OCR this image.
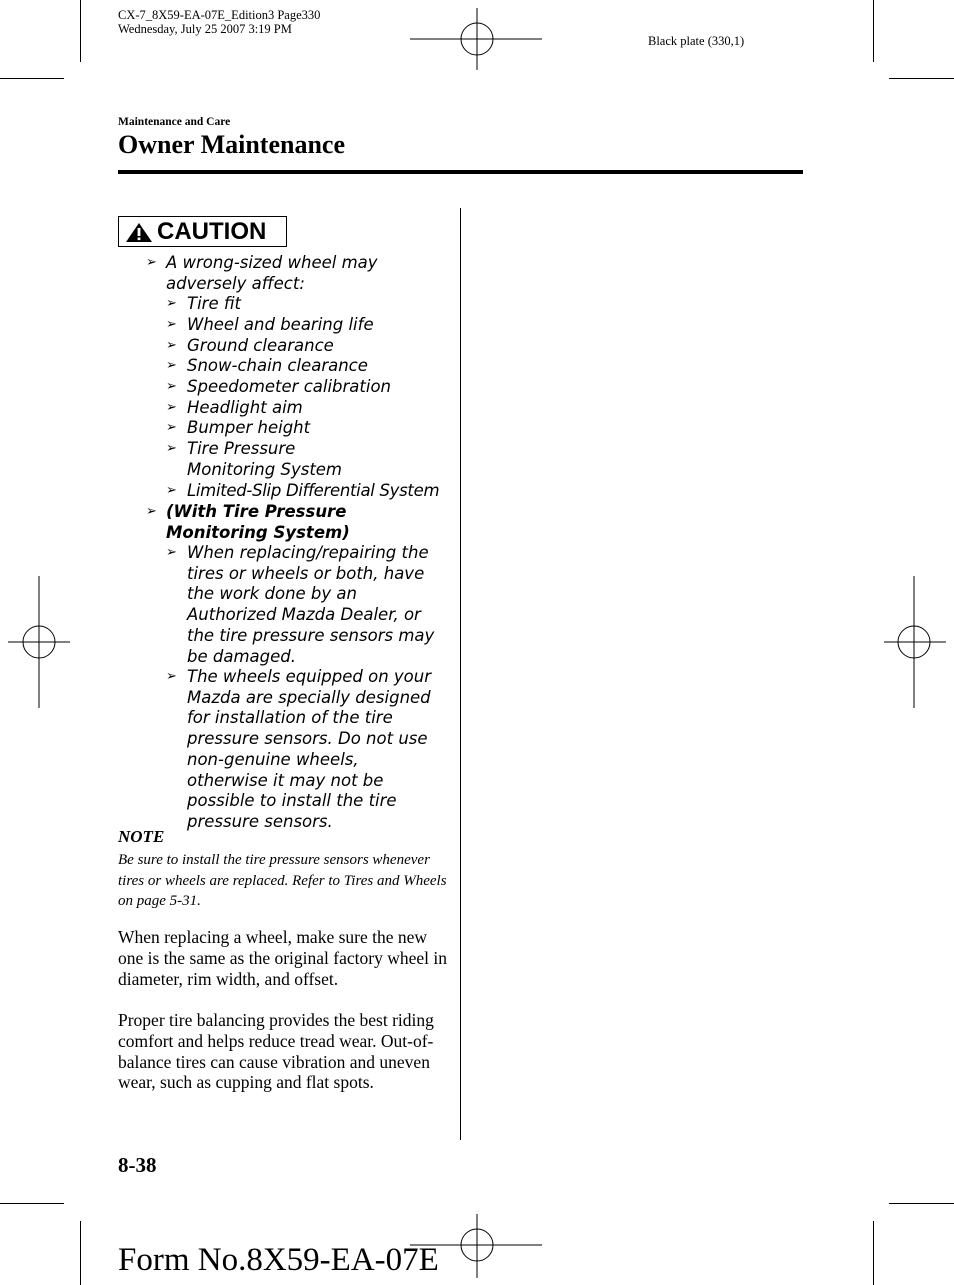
CX-7_8X59-EA-07E_Edition3 Page330
Wednesday, July 25 2007 3:19 PM
Black plate (330,1)
Maintenance and Care
Owner Maintenance
CAUTION
➢ A wrong-sized wheel may adversely affect:
➢ Tire fit
➢ Wheel and bearing life
➢ Ground clearance
➢ Snow-chain clearance
➢ Speedometer calibration
➢ Headlight aim
➢ Bumper height
➢ Tire Pressure Monitoring System
➢ Limited-Slip Differential System
➢ (With Tire Pressure Monitoring System)
➢ When replacing/repairing the tires or wheels or both, have the work done by an Authorized Mazda Dealer, or the tire pressure sensors may be damaged.
➢ The wheels equipped on your Mazda are specially designed for installation of the tire pressure sensors. Do not use non-genuine wheels, otherwise it may not be possible to install the tire pressure sensors.
NOTE
Be sure to install the tire pressure sensors whenever tires or wheels are replaced. Refer to Tires and Wheels on page 5-31.
When replacing a wheel, make sure the new one is the same as the original factory wheel in diameter, rim width, and offset.
Proper tire balancing provides the best riding comfort and helps reduce tread wear. Out-of-balance tires can cause vibration and uneven wear, such as cupping and flat spots.
8-38
Form No.8X59-EA-07E
